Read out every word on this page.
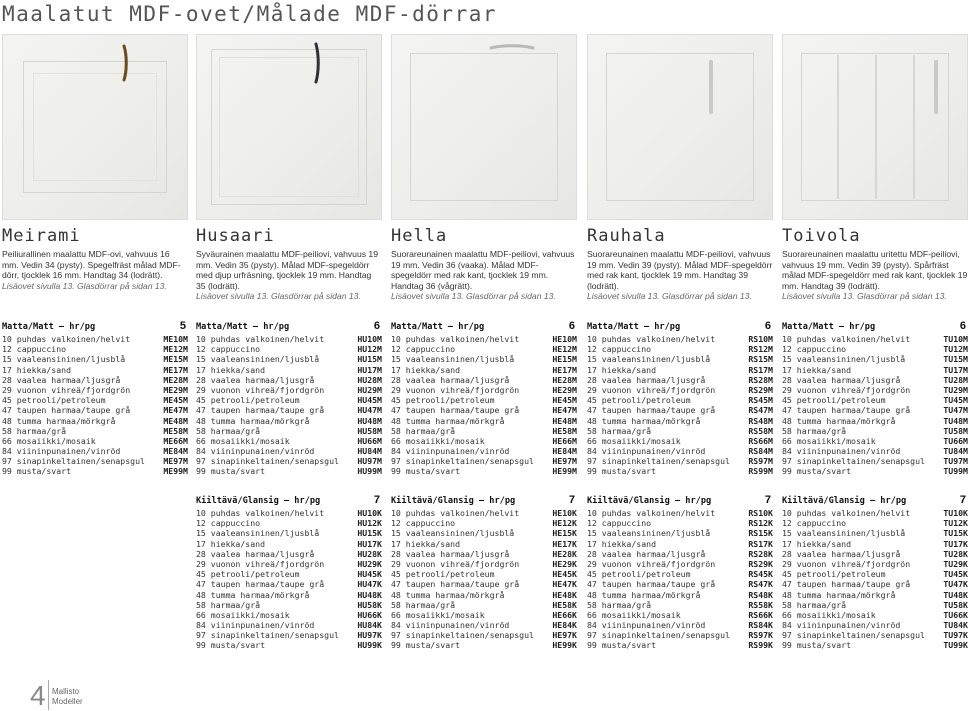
Maalatut MDF-ovet/Målade MDF-dörrar
Meirami
Peiliurallinen maalattu MDF-ovi, vahvuus 16 mm. Vedin 34 (pysty). Spegelfräst målad MDF-dörr, tjocklek 16 mm. Handtag 34 (lodrätt).
Lisäovet sivulla 13. Glasdörrar på sidan 13.
Matta/Matt – hr/pg	5
10 puhdas valkoinen/helvit	ME10M
12 cappuccino	ME12M
15 vaaleansininen/ljusblå	ME15M
17 hiekka/sand	ME17M
28 vaalea harmaa/ljusgrå	ME28M
29 vuonon vihreä/fjordgrön	ME29M
45 petrooli/petroleum	ME45M
47 taupen harmaa/taupe grå	ME47M
48 tumma harmaa/mörkgrå	ME48M
58 harmaa/grå	ME58M
66 mosaiikki/mosaik	ME66M
84 viininpunainen/vinröd	ME84M
97 sinapinkeltainen/senapsgul ME97M
99 musta/svart	ME99M
Husaari
Syväurainen maalattu MDF-peiliovi, vahvuus 19 mm. Vedin 35 (pysty). Målad MDF-spegeldörr med djup urfräsning, tjocklek 19 mm. Handtag 35 (lodrätt).
Lisäovet sivulla 13. Glasdörrar på sidan 13.
Matta/Matt – hr/pg	6
10 puhdas valkoinen/helvit	HU10M
12 cappuccino	HU12M
15 vaaleansininen/ljusblå	HU15M
17 hiekka/sand	HU17M
28 vaalea harmaa/ljusgrå	HU28M
29 vuonon vihreä/fjordgrön	HU29M
45 petrooli/petroleum	HU45M
47 taupen harmaa/taupe grå	HU47M
48 tumma harmaa/mörkgrå	HU48M
58 harmaa/grå	HU58M
66 mosaiikki/mosaik	HU66M
84 viininpunainen/vinröd	HU84M
97 sinapinkeltainen/senapsgul HU97M
99 musta/svart	HU99M
Kiiltävä/Glansig – hr/pg	7
10 puhdas valkoinen/helvit	HU10K
12 cappuccino	HU12K
15 vaaleansininen/ljusblå	HU15K
17 hiekka/sand	HU17K
28 vaalea harmaa/ljusgrå	HU28K
29 vuonon vihreä/fjordgrön	HU29K
45 petrooli/petroleum	HU45K
47 taupen harmaa/taupe grå	HU47K
48 tumma harmaa/mörkgrå	HU48K
58 harmaa/grå	HU58K
66 mosaiikki/mosaik	HU66K
84 viininpunainen/vinröd	HU84K
97 sinapinkeltainen/senapsgul HU97K
99 musta/svart	HU99K
Hella
Suorareunainen maalattu MDF-peiliovi, vahvuus 19 mm. Vedin 36 (vaaka). Målad MDF-spegeldörr med rak kant, tjocklek 19 mm. Handtag 36 (vågrätt).
Lisäovet sivulla 13. Glasdörrar på sidan 13.
Matta/Matt – hr/pg	6
10 puhdas valkoinen/helvit	HE10M
12 cappuccino	HE12M
15 vaaleansininen/ljusblå	HE15M
17 hiekka/sand	HE17M
28 vaalea harmaa/ljusgrå	HE28M
29 vuonon vihreä/fjordgrön	HE29M
45 petrooli/petroleum	HE45M
47 taupen harmaa/taupe grå	HE47M
48 tumma harmaa/mörkgrå	HE48M
58 harmaa/grå	HE58M
66 mosaiikki/mosaik	HE66M
84 viininpunainen/vinröd	HE84M
97 sinapinkeltainen/senapsgul HE97M
99 musta/svart	HE99M
Kiiltävä/Glansig – hr/pg	7
10 puhdas valkoinen/helvit	HE10K
12 cappuccino	HE12K
15 vaaleansininen/ljusblå	HE15K
17 hiekka/sand	HE17K
28 vaalea harmaa/ljusgrå	HE28K
29 vuonon vihreä/fjordgrön	HE29K
45 petrooli/petroleum	HE45K
47 taupen harmaa/taupe grå	HE47K
48 tumma harmaa/mörkgrå	HE48K
58 harmaa/grå	HE58K
66 mosaiikki/mosaik	HE66K
84 viininpunainen/vinröd	HE84K
97 sinapinkeltainen/senapsgul HE97K
99 musta/svart	HE99K
Rauhala
Suorareunainen maalattu MDF-peiliovi, vahvuus 19 mm. Vedin 39 (pysty). Målad MDF-spegeldörr med rak kant, tjocklek 19 mm. Handtag 39 (lodrätt).
Lisäovet sivulla 13. Glasdörrar på sidan 13.
Matta/Matt – hr/pg	6
10 puhdas valkoinen/helvit	RS10M
12 cappuccino	RS12M
15 vaaleansininen/ljusblå	RS15M
17 hiekka/sand	RS17M
28 vaalea harmaa/ljusgrå	RS28M
29 vuonon vihreä/fjordgrön	RS29M
45 petrooli/petroleum	RS45M
47 taupen harmaa/taupe grå	RS47M
48 tumma harmaa/mörkgrå	RS48M
58 harmaa/grå	RS58M
66 mosaiikki/mosaik	RS66M
84 viininpunainen/vinröd	RS84M
97 sinapinkeltainen/senapsgul RS97M
99 musta/svart	RS99M
Kiiltävä/Glansig – hr/pg	7
10 puhdas valkoinen/helvit	RS10K
12 cappuccino	RS12K
15 vaaleansininen/ljusblå	RS15K
17 hiekka/sand	RS17K
28 vaalea harmaa/ljusgrå	RS28K
29 vuonon vihreä/fjordgrön	RS29K
45 petrooli/petroleum	RS45K
47 taupen harmaa/taupe grå	RS47K
48 tumma harmaa/mörkgrå	RS48K
58 harmaa/grå	RS58K
66 mosaiikki/mosaik	RS66K
84 viininpunainen/vinröd	RS84K
97 sinapinkeltainen/senapsgul RS97K
99 musta/svart	RS99K
Toivola
Suorareunainen maalattu uritettu MDF-peiliovi, vahvuus 19 mm. Vedin 39 (pysty). Spårfräst målad MDF-spegeldörr med rak kant, tjocklek 19 mm. Handtag 39 (lodrätt).
Lisäovet sivulla 13. Glasdörrar på sidan 13.
Matta/Matt – hr/pg	6
10 puhdas valkoinen/helvit	TU10M
12 cappuccino	TU12M
15 vaaleansininen/ljusblå	TU15M
17 hiekka/sand	TU17M
28 vaalea harmaa/ljusgrå	TU28M
29 vuonon vihreä/fjordgrön	TU29M
45 petrooli/petroleum	TU45M
47 taupen harmaa/taupe grå	TU47M
48 tumma harmaa/mörkgrå	TU48M
58 harmaa/grå	TU58M
66 mosaiikki/mosaik	TU66M
84 viininpunainen/vinröd	TU84M
97 sinapinkeltainen/senapsgul TU97M
99 musta/svart	TU99M
Kiiltävä/Glansig – hr/pg	7
10 puhdas valkoinen/helvit	TU10K
12 cappuccino	TU12K
15 vaaleansininen/ljusblå	TU15K
17 hiekka/sand	TU17K
28 vaalea harmaa/ljusgrå	TU28K
29 vuonon vihreä/fjordgrön	TU29K
45 petrooli/petroleum	TU45K
47 taupen harmaa/taupe grå	TU47K
48 tumma harmaa/mörkgrå	TU48K
58 harmaa/grå	TU58K
66 mosaiikki/mosaik	TU66K
84 viininpunainen/vinröd	TU84K
97 sinapinkeltainen/senapsgul TU97K
99 musta/svart	TU99K
4 Mallisto
Modeller
